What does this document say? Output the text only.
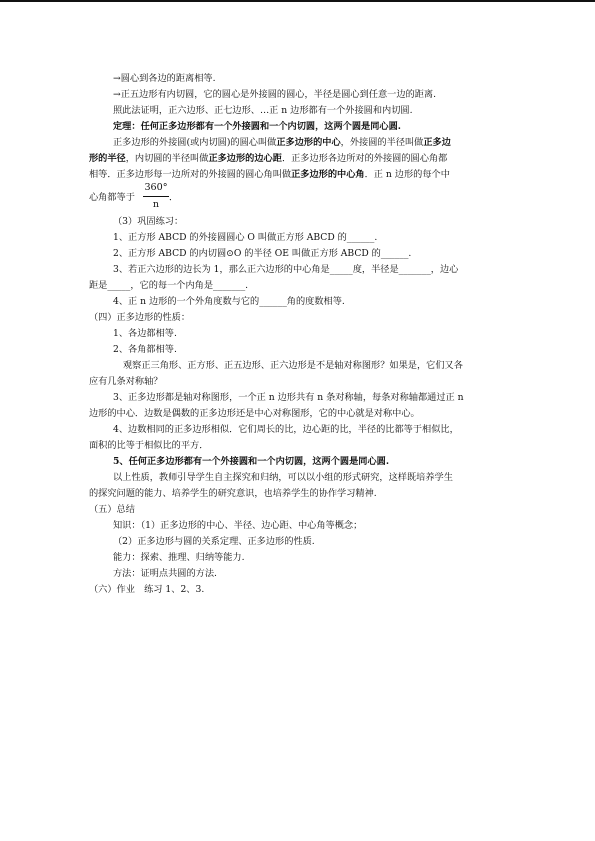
→圆心到各边的距离相等.
→正五边形有内切圆，它的圆心是外接圆的圆心，半径是圆心到任意一边的距离.
照此法证明，正六边形、正七边形、…正 n 边形都有一个外接圆和内切圆.
定理：任何正多边形都有一个外接圆和一个内切圆，这两个圆是同心圆.
正多边形的外接圆(或内切圆)的圆心叫做正多边形的中心，外接圆的半径叫做正多边
形的半径，内切圆的半径叫做正多边形的边心距．正多边形各边所对的外接圆的圆心角都
相等．正多边形每一边所对的外接圆的圆心角叫做正多边形的中心角．正 n 边形的每个中
心角都等于
360°
n
．
（3）巩固练习：
1、正方形 ABCD 的外接圆圆心 O 叫做正方形 ABCD 的______.
2、正方形 ABCD 的内切圆⊙O 的半径 OE 叫做正方形 ABCD 的______.
3、若正六边形的边长为 1，那么正六边形的中心角是_____度，半径是_______，边心
距是_____，它的每一个内角是_______.
4、正 n 边形的一个外角度数与它的______角的度数相等.
（四）正多边形的性质：
1、各边都相等.
2、各角都相等.
观察正三角形、正方形、正五边形、正六边形是不是轴对称图形？如果是，它们又各
应有几条对称轴？
3、正多边形都是轴对称图形，一个正 n 边形共有 n 条对称轴，每条对称轴都通过正 n
边形的中心．边数是偶数的正多边形还是中心对称图形，它的中心就是对称中心。
4、边数相同的正多边形相似．它们周长的比，边心距的比，半径的比都等于相似比，
面积的比等于相似比的平方．
5、任何正多边形都有一个外接圆和一个内切圆，这两个圆是同心圆.
以上性质，教师引导学生自主探究和归纳，可以以小组的形式研究，这样既培养学生
的探究问题的能力、培养学生的研究意识，也培养学生的协作学习精神.
（五）总结
知识：（1）正多边形的中心、半径、边心距、中心角等概念；
（2）正多边形与圆的关系定理、正多边形的性质.
能力：探索、推理、归纳等能力.
方法：证明点共圆的方法.
（六）作业　练习 1、2、3.
